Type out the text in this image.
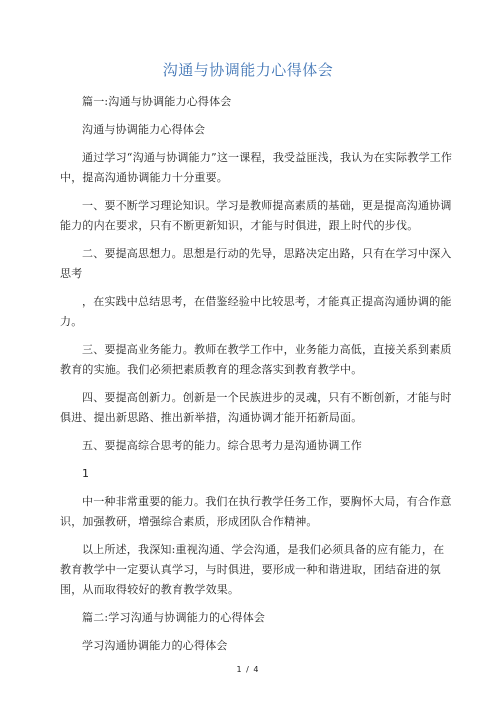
沟通与协调能力心得体会

篇一:沟通与协调能力心得体会

沟通与协调能力心得体会

通过学习“沟通与协调能力”这一课程，我受益匪浅，我认为在实际教学工作中，提高沟通协调能力十分重要。

一、要不断学习理论知识。学习是教师提高素质的基础，更是提高沟通协调能力的内在要求，只有不断更新知识，才能与时俱进，跟上时代的步伐。

二、要提高思想力。思想是行动的先导，思路决定出路，只有在学习中深入思考

，在实践中总结思考，在借鉴经验中比较思考，才能真正提高沟通协调的能力。

三、要提高业务能力。教师在教学工作中，业务能力高低，直接关系到素质教育的实施。我们必须把素质教育的理念落实到教育教学中。

四、要提高创新力。创新是一个民族进步的灵魂，只有不断创新，才能与时俱进、提出新思路、推出新举措，沟通协调才能开拓新局面。

五、要提高综合思考的能力。综合思考力是沟通协调工作

1

中一种非常重要的能力。我们在执行教学任务工作，要胸怀大局，有合作意识，加强教研，增强综合素质，形成团队合作精神。

以上所述，我深知:重视沟通、学会沟通，是我们必须具备的应有能力，在教育教学中一定要认真学习，与时俱进，要形成一种和谐进取，团结奋进的氛围，从而取得较好的教育教学效果。

篇二:学习沟通与协调能力的心得体会

学习沟通协调能力的心得体会

1 / 4
